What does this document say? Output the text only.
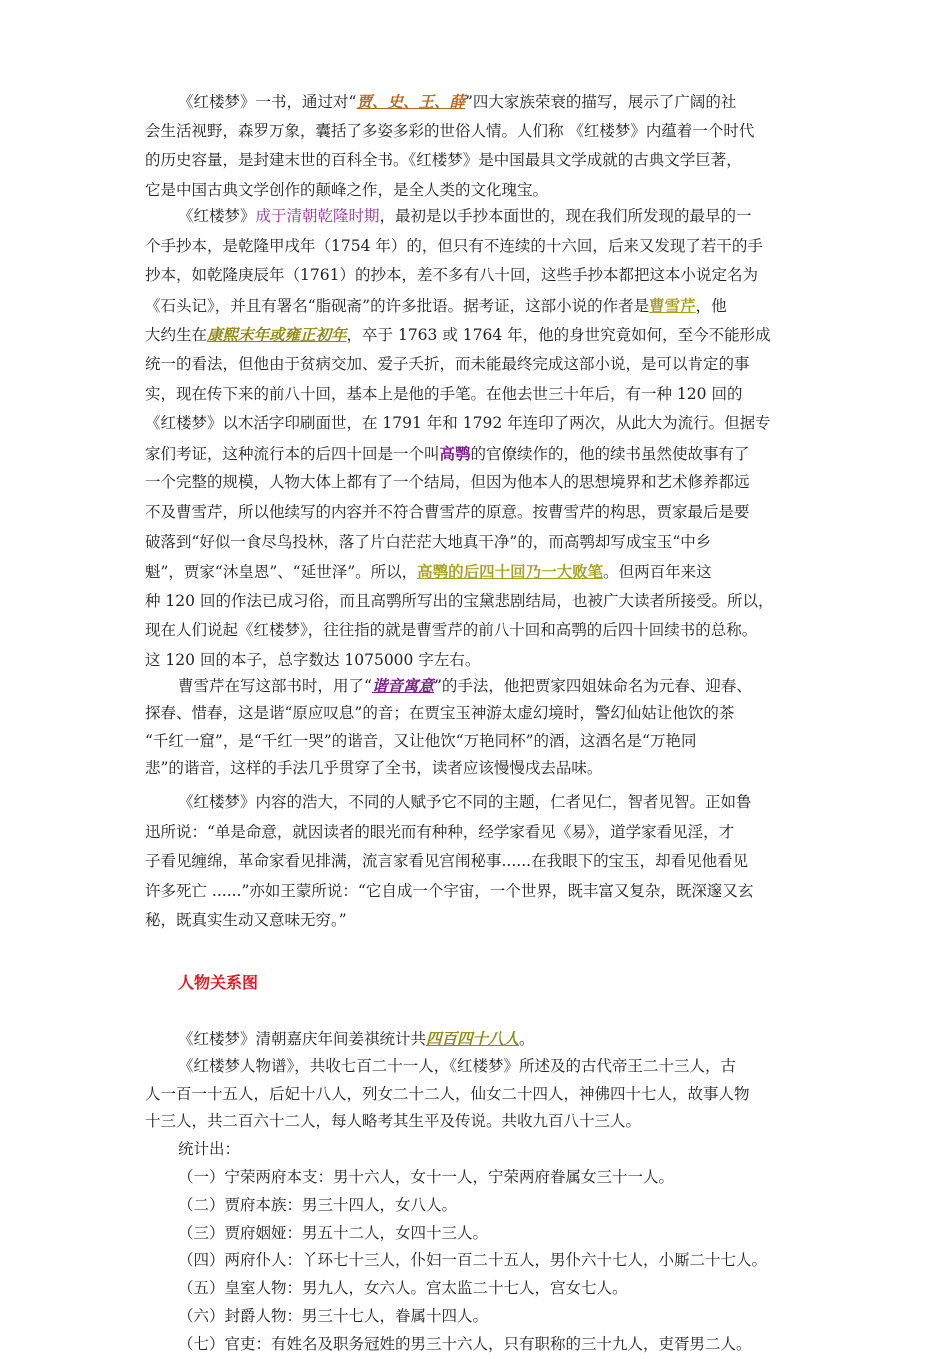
《红楼梦》一书，通过对“贾、史、王、薛”四大家族荣衰的描写，展示了广阔的社
会生活视野，森罗万象，囊括了多姿多彩的世俗人情。人们称 《红楼梦》内蕴着一个时代
的历史容量，是封建末世的百科全书。《红楼梦》是中国最具文学成就的古典文学巨著，
它是中国古典文学创作的颠峰之作，是全人类的文化瑰宝。
《红楼梦》成于清朝乾隆时期，最初是以手抄本面世的，现在我们所发现的最早的一
个手抄本，是乾隆甲戌年（1754 年）的，但只有不连续的十六回，后来又发现了若干的手
抄本，如乾隆庚辰年（1761）的抄本，差不多有八十回，这些手抄本都把这本小说定名为
《石头记》，并且有署名“脂砚斋”的许多批语。据考证，这部小说的作者是曹雪芹，他
大约生在康熙末年或雍正初年，卒于 1763 或 1764 年，他的身世究竟如何，至今不能形成
统一的看法，但他由于贫病交加、爱子夭折，而未能最终完成这部小说，是可以肯定的事
实，现在传下来的前八十回，基本上是他的手笔。在他去世三十年后，有一种 120 回的
《红楼梦》以木活字印刷面世，在 1791 年和 1792 年连印了两次，从此大为流行。但据专
家们考证，这种流行本的后四十回是一个叫高鹗的官僚续作的，他的续书虽然使故事有了
一个完整的规模，人物大体上都有了一个结局，但因为他本人的思想境界和艺术修养都远
不及曹雪芹，所以他续写的内容并不符合曹雪芹的原意。按曹雪芹的构思，贾家最后是要
破落到“好似一食尽鸟投林，落了片白茫茫大地真干净”的，而高鹗却写成宝玉“中乡
魁”，贾家“沐皇恩”、“延世泽”。所以，高鹗的后四十回乃一大败笔。但两百年来这
种 120 回的作法已成习俗，而且高鹗所写出的宝黛悲剧结局，也被广大读者所接受。所以，
现在人们说起《红楼梦》，往往指的就是曹雪芹的前八十回和高鹗的后四十回续书的总称。
这 120 回的本子，总字数达 1075000 字左右。
曹雪芹在写这部书时，用了“谐音寓意”的手法，他把贾家四姐妹命名为元春、迎春、
探春、惜春，这是谐“原应叹息”的音；在贾宝玉神游太虚幻境时，警幻仙姑让他饮的茶
“千红一窟”，是“千红一哭”的谐音，又让他饮“万艳同杯”的酒，这酒名是“万艳同
悲”的谐音，这样的手法几乎贯穿了全书，读者应该慢慢戌去品味。
《红楼梦》内容的浩大，不同的人赋予它不同的主题，仁者见仁，智者见智。正如鲁
迅所说：“单是命意，就因读者的眼光而有种种，经学家看见《易》，道学家看见淫，才
子看见缠绵，革命家看见排满，流言家看见宫闱秘事......在我眼下的宝玉，却看见他看见
许多死亡 ......”亦如王蒙所说：“它自成一个宇宙，一个世界，既丰富又复杂，既深邃又玄
秘，既真实生动又意味无穷。”
人物关系图
《红楼梦》清朝嘉庆年间姜祺统计共四百四十八人。
《红楼梦人物谱》，共收七百二十一人，《红楼梦》所述及的古代帝王二十三人，古
人一百一十五人，后妃十八人，列女二十二人，仙女二十四人，神佛四十七人，故事人物
十三人，共二百六十二人，每人略考其生平及传说。共收九百八十三人。
统计出：
（一）宁荣两府本支：男十六人，女十一人，宁荣两府眷属女三十一人。
（二）贾府本族：男三十四人，女八人。
（三）贾府姻娅：男五十二人，女四十三人。
（四）两府仆人：丫环七十三人，仆妇一百二十五人，男仆六十七人，小厮二十七人。
（五）皇室人物：男九人，女六人。宫太监二十七人，宫女七人。
（六）封爵人物：男三十七人，眷属十四人。
（七）官吏：有姓名及职务冠姓的男三十六人，只有职称的三十九人，吏胥男二人。
